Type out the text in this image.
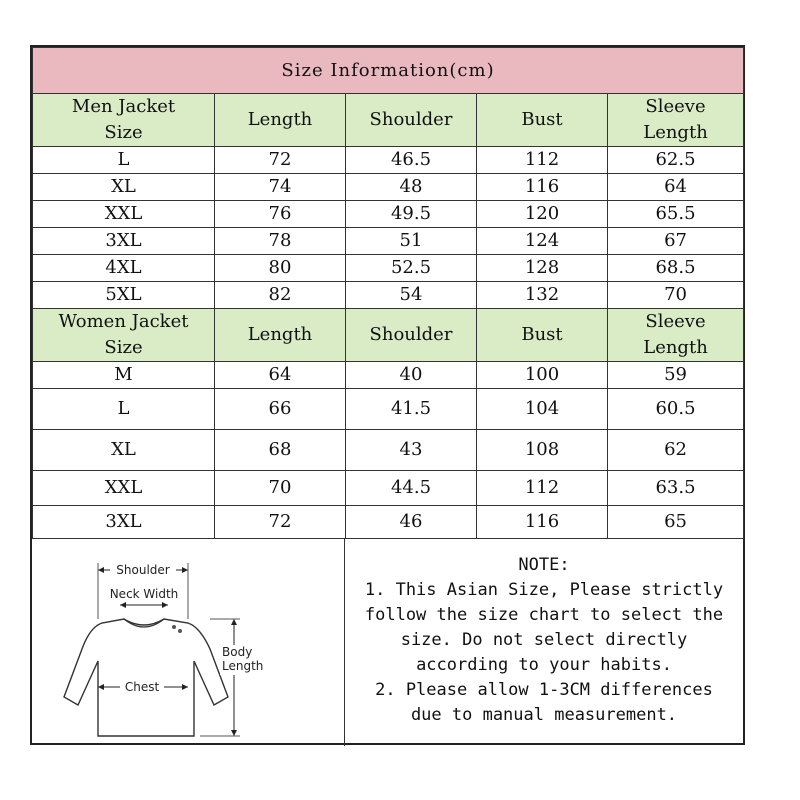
Size Information(cm)				
Men Jacket Size	Length	Shoulder	Bust	Sleeve Length
L	72	46.5	112	62.5
XL	74	48	116	64
XXL	76	49.5	120	65.5
3XL	78	51	124	67
4XL	80	52.5	128	68.5
5XL	82	54	132	70
Women Jacket Size	Length	Shoulder	Bust	Sleeve Length
M	64	40	100	59
L	66	41.5	104	60.5
XL	68	43	108	62
XXL	70	44.5	112	63.5
3XL	72	46	116	65
Shoulder
Neck Width
Chest
Body
Length
NOTE:
1. This Asian Size, Please strictly
follow the size chart to select the
size. Do not select directly
according to your habits.
2. Please allow 1-3CM differences
due to manual measurement.
